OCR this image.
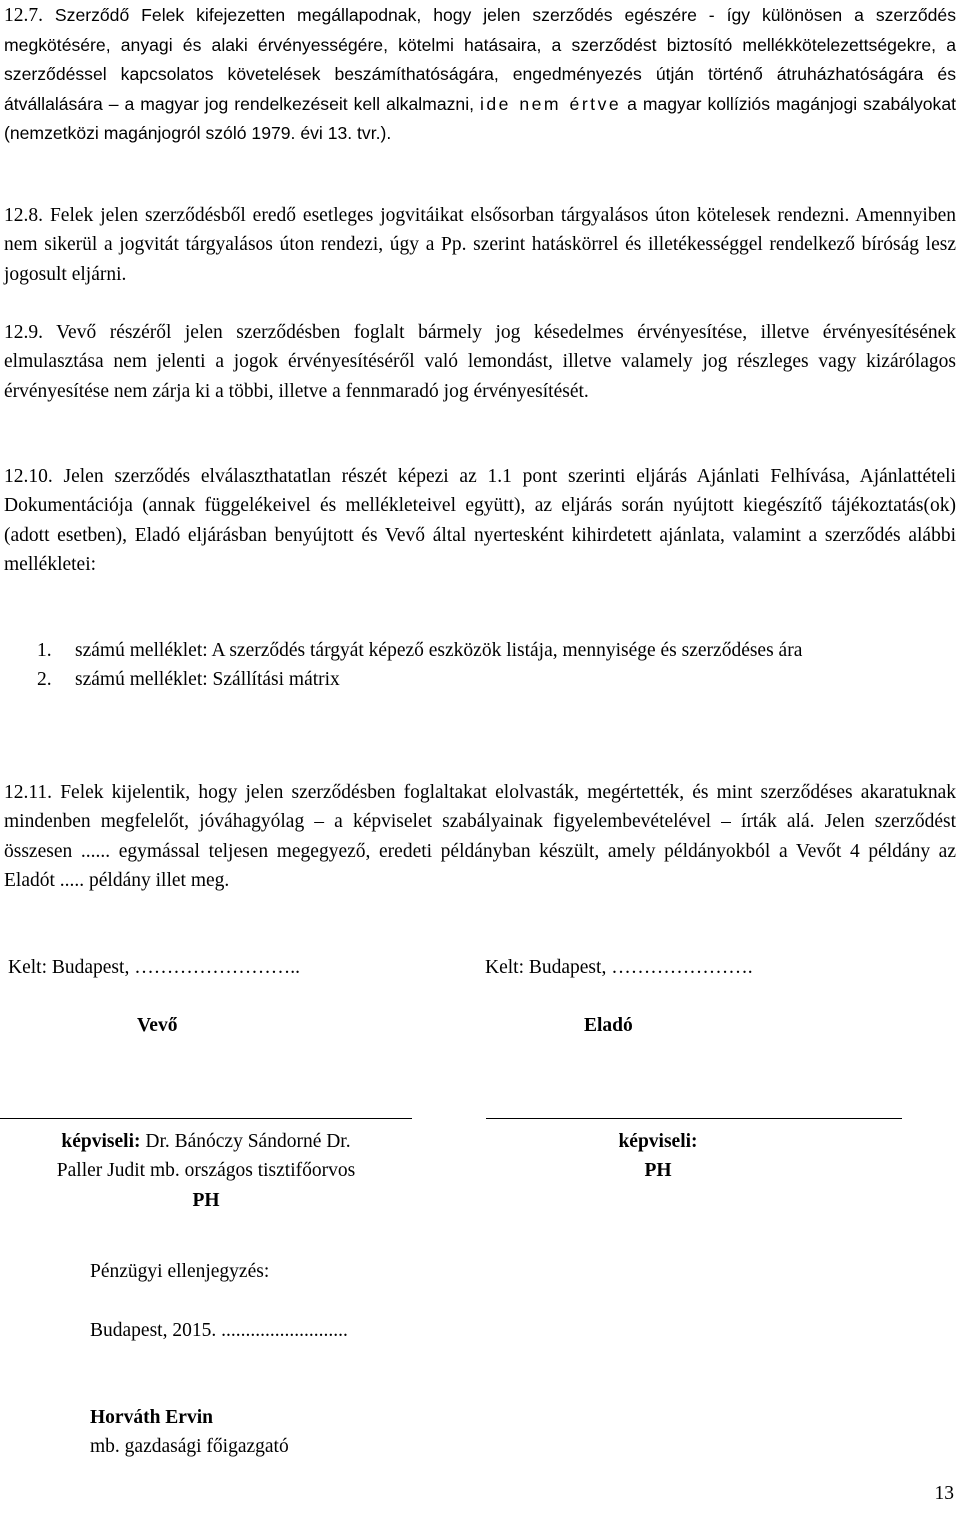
12.7. Szerződő Felek kifejezetten megállapodnak, hogy jelen szerződés egészére - így különösen a szerződés megkötésére, anyagi és alaki érvényességére, kötelmi hatásaira, a szerződést biztosító mellékkötelezettségekre, a szerződéssel kapcsolatos követelések beszámíthatóságára, engedményezés útján történő átruházhatóságára és átvállalására – a magyar jog rendelkezéseit kell alkalmazni, ide nem értve a magyar kollíziós magánjogi szabályokat (nemzetközi magánjogról szóló 1979. évi 13. tvr.).

12.8. Felek jelen szerződésből eredő esetleges jogvitáikat elsősorban tárgyalásos úton kötelesek rendezni. Amennyiben nem sikerül a jogvitát tárgyalásos úton rendezi, úgy a Pp. szerint hatáskörrel és illetékességgel rendelkező bíróság lesz jogosult eljárni.

12.9. Vevő részéről jelen szerződésben foglalt bármely jog késedelmes érvényesítése, illetve érvényesítésének elmulasztása nem jelenti a jogok érvényesítéséről való lemondást, illetve valamely jog részleges vagy kizárólagos érvényesítése nem zárja ki a többi, illetve a fennmaradó jog érvényesítését.

12.10. Jelen szerződés elválaszthatatlan részét képezi az 1.1 pont szerinti eljárás Ajánlati Felhívása, Ajánlattételi Dokumentációja (annak függelékeivel és mellékleteivel együtt), az eljárás során nyújtott kiegészítő tájékoztatás(ok) (adott esetben), Eladó eljárásban benyújtott és Vevő által nyertesként kihirdetett ajánlata, valamint a szerződés alábbi mellékletei:

1.	számú melléklet: A szerződés tárgyát képező eszközök listája, mennyisége és szerződéses ára
2.	számú melléklet: Szállítási mátrix

12.11. Felek kijelentik, hogy jelen szerződésben foglaltakat elolvasták, megértették, és mint szerződéses akaratuknak mindenben megfelelőt, jóváhagyólag – a képviselet szabályainak figyelembevételével – írták alá. Jelen szerződést összesen ...... egymással teljesen megegyező, eredeti példányban készült, amely példányokból a Vevőt 4 példány az Eladót ..... példány illet meg.

Kelt: Budapest, ……………………..	Kelt: Budapest, ………………….
Vevő	Eladó
képviseli: Dr. Bánóczy Sándorné Dr.
Paller Judit mb. országos tisztifőorvos
PH
képviseli:
PH
Pénzügyi ellenjegyzés:
Budapest, 2015. ..........................
Horváth Ervin
mb. gazdasági főigazgató
13
